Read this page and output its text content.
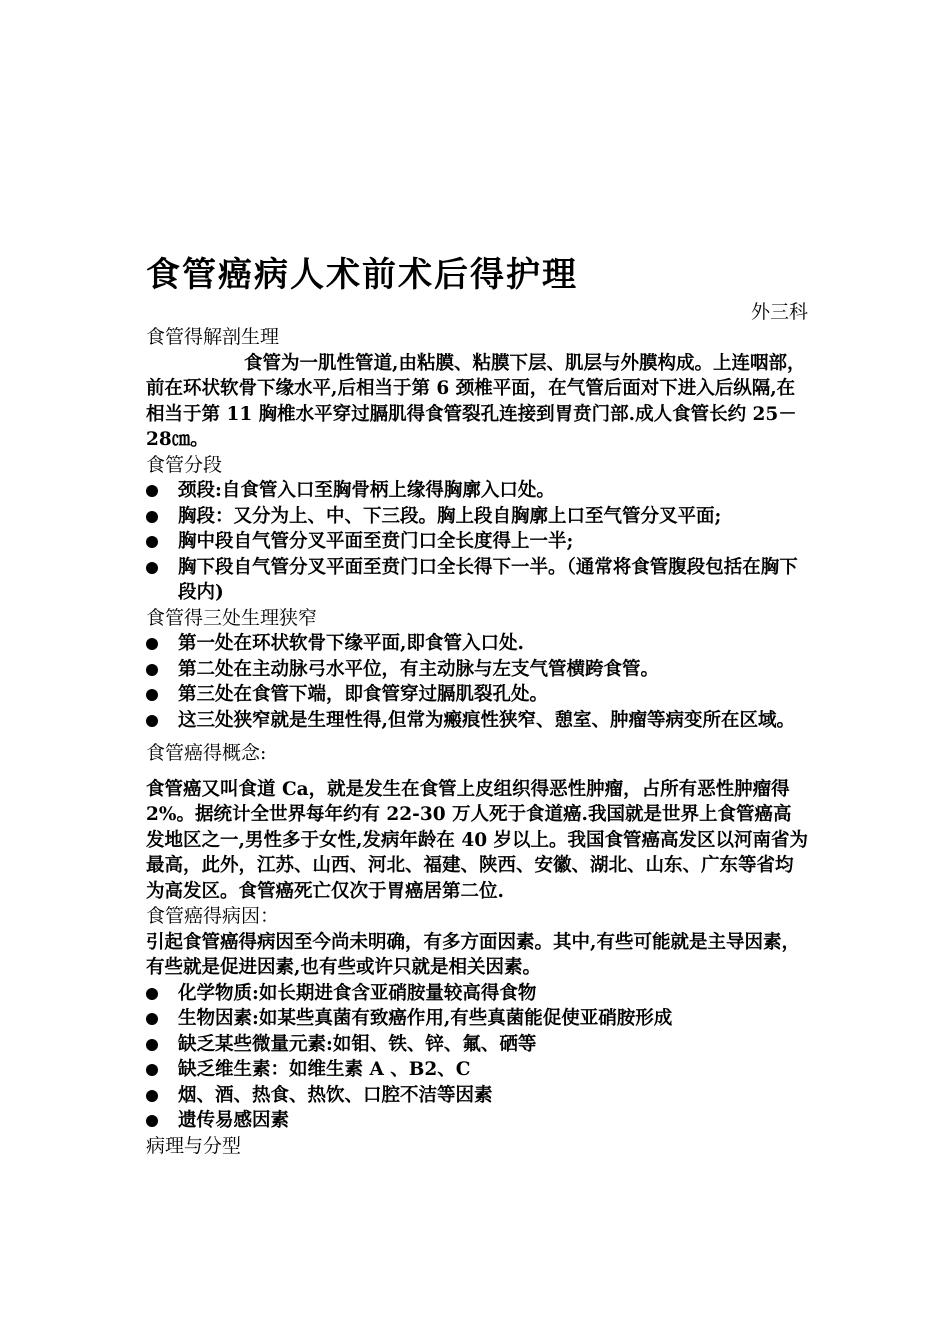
食管癌病人术前术后得护理
外三科
食管得解剖生理
食管为一肌性管道,由粘膜、粘膜下层、肌层与外膜构成。上连咽部，前在环状软骨下缘水平,后相当于第 6 颈椎平面，在气管后面对下进入后纵隔,在相当于第 11 胸椎水平穿过膈肌得食管裂孔连接到胃贲门部.成人食管长约 25－28㎝。
食管分段
颈段:自食管入口至胸骨柄上缘得胸廓入口处。
胸段：又分为上、中、下三段。胸上段自胸廓上口至气管分叉平面;
胸中段自气管分叉平面至贲门口全长度得上一半;
胸下段自气管分叉平面至贲门口全长得下一半。（通常将食管腹段包括在胸下段内)
食管得三处生理狭窄
第一处在环状软骨下缘平面,即食管入口处.
第二处在主动脉弓水平位，有主动脉与左支气管横跨食管。
第三处在食管下端，即食管穿过膈肌裂孔处。
这三处狭窄就是生理性得,但常为瘢痕性狭窄、憩室、肿瘤等病变所在区域。
食管癌得概念:
食管癌又叫食道 Ca，就是发生在食管上皮组织得恶性肿瘤，占所有恶性肿瘤得 2%。据统计全世界每年约有 22-30 万人死于食道癌.我国就是世界上食管癌高发地区之一,男性多于女性,发病年龄在 40 岁以上。我国食管癌高发区以河南省为最高，此外，江苏、山西、河北、福建、陕西、安徽、湖北、山东、广东等省均为高发区。食管癌死亡仅次于胃癌居第二位.
食管癌得病因：
引起食管癌得病因至今尚未明确，有多方面因素。其中,有些可能就是主导因素，有些就是促进因素,也有些或许只就是相关因素。
化学物质:如长期进食含亚硝胺量较高得食物
生物因素:如某些真菌有致癌作用,有些真菌能促使亚硝胺形成
缺乏某些微量元素:如钼、铁、锌、氟、硒等
缺乏维生素：如维生素 A 、B2、C
烟、酒、热食、热饮、口腔不洁等因素
遗传易感因素
病理与分型
